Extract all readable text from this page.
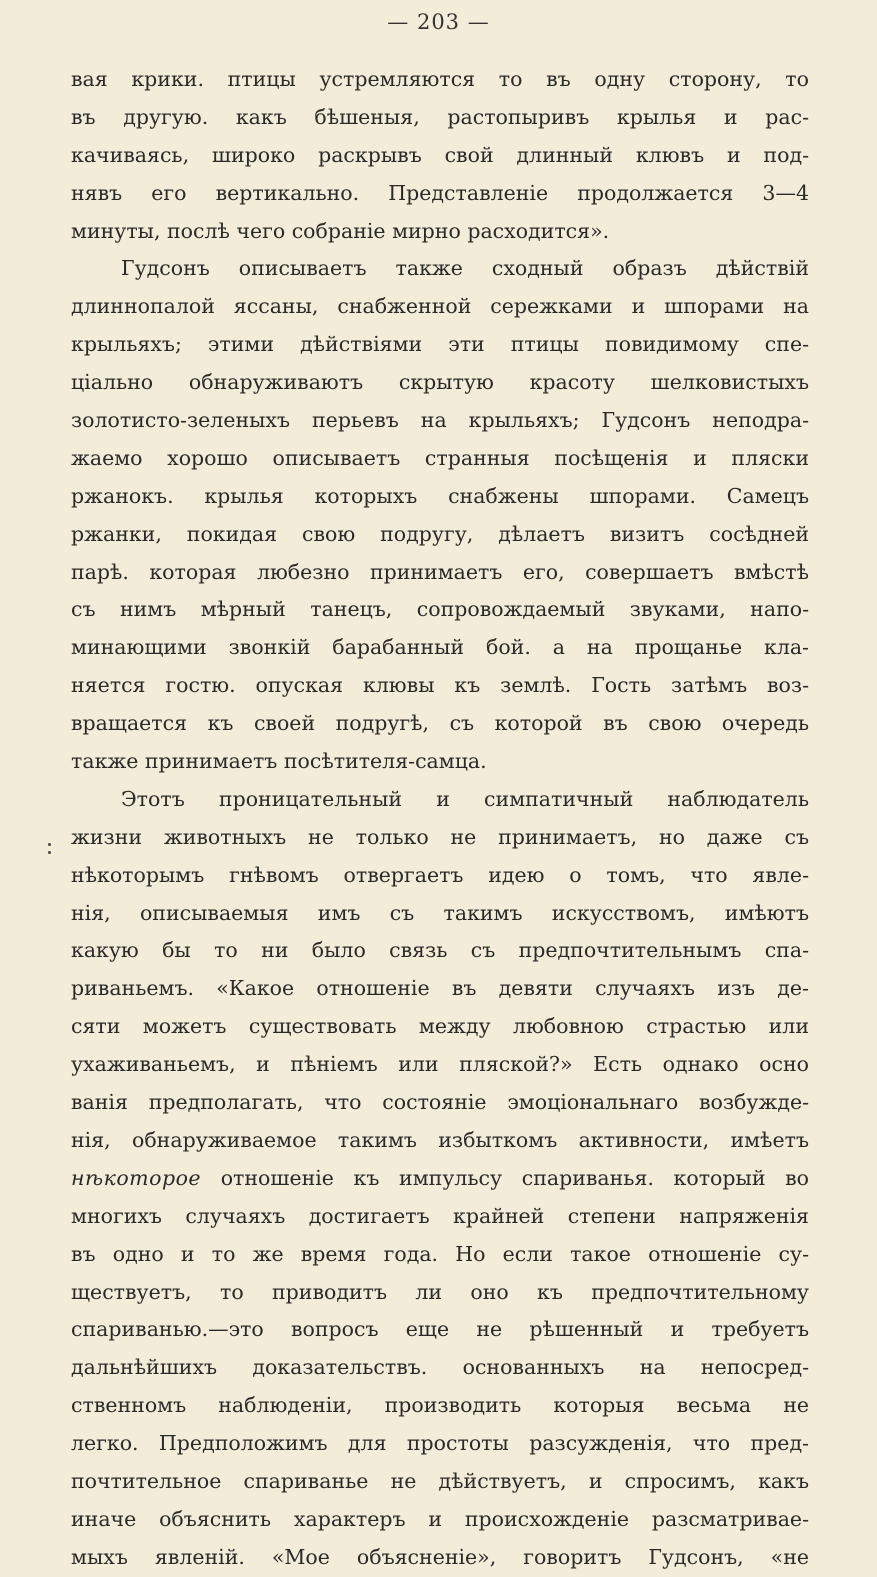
— 203 —
вая крики. птицы устремляются то въ одну сторону, то
въ другую. какъ бѣшеныя, растопыривъ крылья и рас-
качиваясь, широко раскрывъ свой длинный клювъ и под-
нявъ его вертикально. Представленіе продолжается 3—4
минуты, послѣ чего собраніе мирно расходится».
Гудсонъ описываетъ также сходный образъ дѣйствій
длиннопалой яссаны, снабженной сережками и шпорами на
крыльяхъ; этими дѣйствіями эти птицы повидимому спе-
ціально обнаруживаютъ скрытую красоту шелковистыхъ
золотисто-зеленыхъ перьевъ на крыльяхъ; Гудсонъ неподра-
жаемо хорошо описываетъ странныя посѣщенія и пляски
ржанокъ. крылья которыхъ снабжены шпорами. Самецъ
ржанки, покидая свою подругу, дѣлаетъ визитъ сосѣдней
парѣ. которая любезно принимаетъ его, совершаетъ вмѣстѣ
съ нимъ мѣрный танецъ, сопровождаемый звуками, напо-
минающими звонкій барабанный бой. а на прощанье кла-
няется гостю. опуская клювы къ землѣ. Гость затѣмъ воз-
вращается къ своей подругѣ, съ которой въ свою очередь
также принимаетъ посѣтителя-самца.
Этотъ проницательный и симпатичный наблюдатель
жизни животныхъ не только не принимаетъ, но даже съ
нѣкоторымъ гнѣвомъ отвергаетъ идею о томъ, что явле-
нія, описываемыя имъ съ такимъ искусствомъ, имѣютъ
какую бы то ни было связь съ предпочтительнымъ спа-
риваньемъ. «Какое отношеніе въ девяти случаяхъ изъ де-
сяти можетъ существовать между любовною страстью или
ухаживаньемъ, и пѣніемъ или пляской?» Есть однако осно
ванія предполагать, что состояніе эмоціональнаго возбужде-
нія, обнаруживаемое такимъ избыткомъ активности, имѣетъ
нѣкоторое отношеніе къ импульсу спариванья. который во
многихъ случаяхъ достигаетъ крайней степени напряженія
въ одно и то же время года. Но если такое отношеніе су-
ществуетъ, то приводитъ ли оно къ предпочтительному
спариванью.—это вопросъ еще не рѣшенный и требуетъ
дальнѣйшихъ доказательствъ. основанныхъ на непосред-
ственномъ наблюденіи, производить которыя весьма не
легко. Предположимъ для простоты разсужденія, что пред-
почтительное спариванье не дѣйствуетъ, и спросимъ, какъ
иначе объяснить характеръ и происхожденіе разсматривае-
мыхъ явленій. «Мое объясненіе», говоритъ Гудсонъ, «не
